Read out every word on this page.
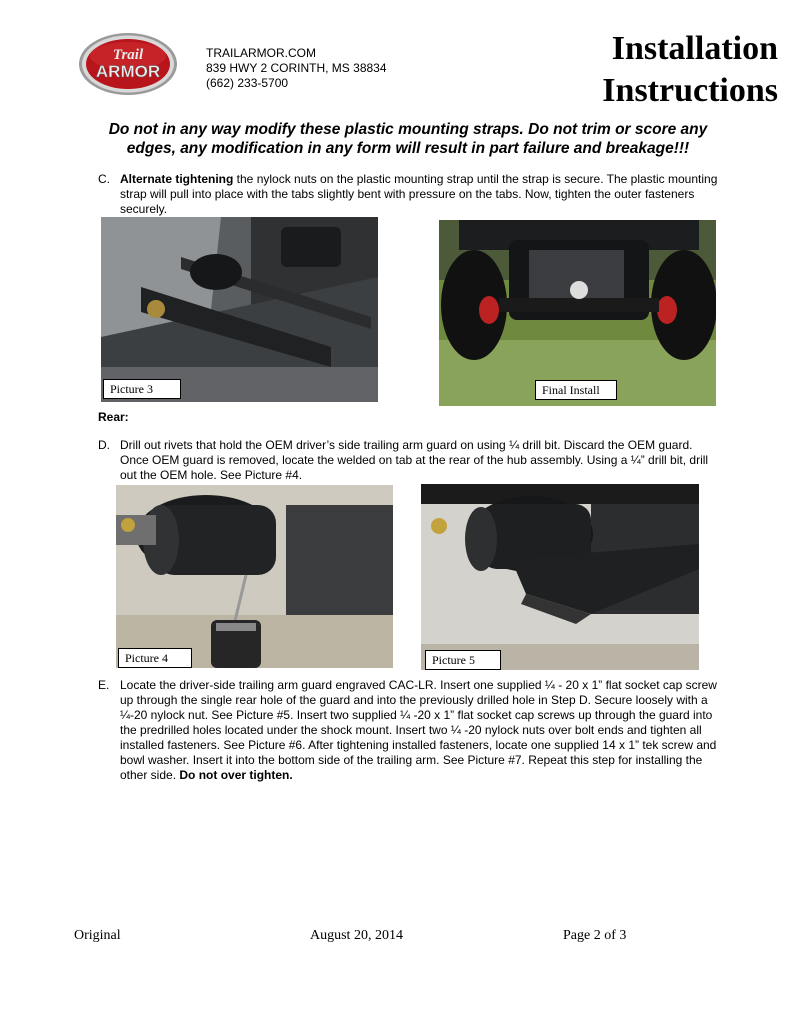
Trail
ARMOR
TRAILARMOR.COM
839 HWY 2 CORINTH, MS 38834
(662) 233-5700
Installation
Instructions
Do not in any way modify these plastic mounting straps. Do not trim or score any edges, any modification in any form will result in part failure and breakage!!!
C. Alternate tightening the nylock nuts on the plastic mounting strap until the strap is secure. The plastic mounting strap will pull into place with the tabs slightly bent with pressure on the tabs. Now, tighten the outer fasteners securely.
Picture 3	Final Install
Rear:
D. Drill out rivets that hold the OEM driver’s side trailing arm guard on using ¼ drill bit. Discard the OEM guard. Once OEM guard is removed, locate the welded on tab at the rear of the hub assembly. Using a ¼” drill bit, drill out the OEM hole. See Picture #4.
Picture 4	Picture 5
E. Locate the driver-side trailing arm guard engraved CAC-LR. Insert one supplied ¼ - 20 x 1” flat socket cap screw up through the single rear hole of the guard and into the previously drilled hole in Step D. Secure loosely with a ¼-20 nylock nut. See Picture #5. Insert two supplied ¼ -20 x 1” flat socket cap screws up through the guard into the predrilled holes located under the shock mount. Insert two ¼ -20 nylock nuts over bolt ends and tighten all installed fasteners. See Picture #6. After tightening installed fasteners, locate one supplied 14 x 1” tek screw and bowl washer. Insert it into the bottom side of the trailing arm. See Picture #7. Repeat this step for installing the other side. Do not over tighten.
Original	August 20, 2014	Page 2 of 3
